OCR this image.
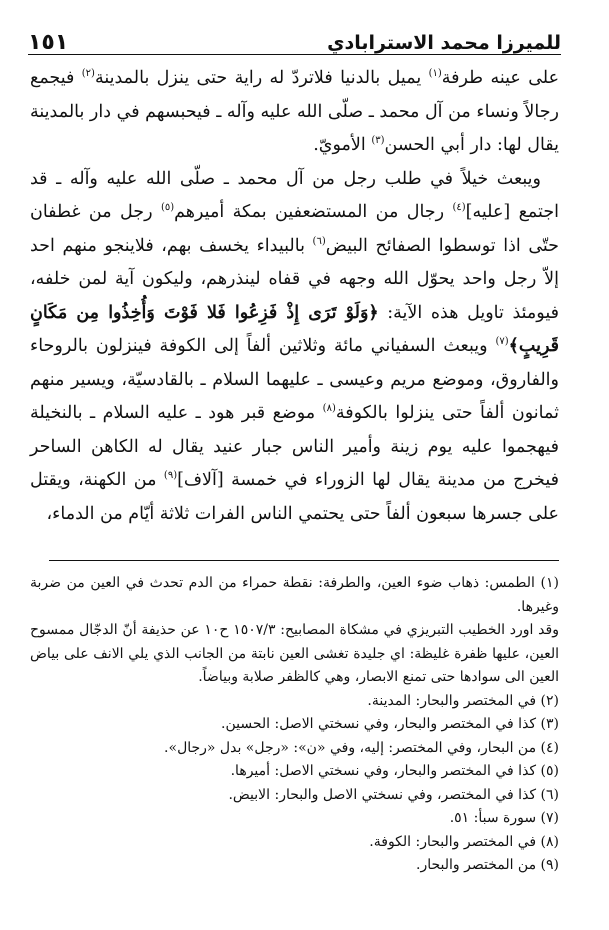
للميرزا محمد الاسترابادي
١٥١

على عينه طرفة$^{(١)}$ يميل بالدنيا فلاتردّ له راية حتى ينزل بالمدينة$^{(٢)}$ فيجمع رجالاً ونساء من آل محمد ـ صلّى الله عليه وآله ـ فيحبسهم في دار بالمدينة يقال لها: دار أبي الحسن$^{(٣)}$ الأمويّ.

ويبعث خيلاً في طلب رجل من آل محمد ـ صلّى الله عليه وآله ـ قد اجتمع [عليه]$^{(٤)}$ رجال من المستضعفين بمكة أميرهم$^{(٥)}$ رجل من غطفان حتّى اذا توسطوا الصفائح البيض$^{(٦)}$ بالبيداء يخسف بهم، فلاينجو منهم احد إلاّ رجل واحد يحوّل الله وجهه في قفاه لينذرهم، وليكون آية لمن خلفه، فيومئذ تاويل هذه الآية: ﴿وَلَوْ تَرَى إِذْ فَزِعُوا فَلا فَوْتَ وَأُخِذُوا مِن مَكَانٍ قَرِيبٍ﴾$^{(٧)}$ ويبعث السفياني مائة وثلاثين ألفاً إلى الكوفة فينزلون بالروحاء والفاروق، وموضع مريم وعيسى ـ عليهما السلام ـ بالقادسيّة، ويسير منهم ثمانون ألفاً حتى ينزلوا بالكوفة$^{(٨)}$ موضع قبر هود ـ عليه السلام ـ بالنخيلة فيهجموا عليه يوم زينة وأمير الناس جبار عنيد يقال له الكاهن الساحر فيخرج من مدينة يقال لها الزوراء في خمسة [آلاف]$^{(٩)}$ من الكهنة، ويقتل على جسرها سبعون ألفاً حتى يحتمي الناس الفرات ثلاثة أيّام من الدماء،

(١) الطمس: ذهاب ضوء العين، والطرفة: نقطة حمراء من الدم تحدث في العين من ضربة وغيرها.

وقد اورد الخطيب التبريزي في مشكاة المصابيح: ١٥٠٧/٣ ح١٠ عن حذيفة أنّ الدجّال ممسوح العين، عليها ظفرة غليظة: اي جليدة تغشى العين نابتة من الجانب الذي يلي الانف على بياض العين الى سوادها حتى تمنع الابصار، وهي كالظفر صلابة وبياضاً.

(٢) في المختصر والبحار: المدينة.

(٣) كذا في المختصر والبحار، وفي نسختي الاصل: الحسين.

(٤) من البحار، وفي المختصر: إليه، وفي «ن»: «رجل» بدل «رجال».

(٥) كذا في المختصر والبحار، وفي نسختي الاصل: أميرها.

(٦) كذا في المختصر، وفي نسختي الاصل والبحار: الابيض.

(٧) سورة سبأ: ٥١.

(٨) في المختصر والبحار: الكوفة.

(٩) من المختصر والبحار.
